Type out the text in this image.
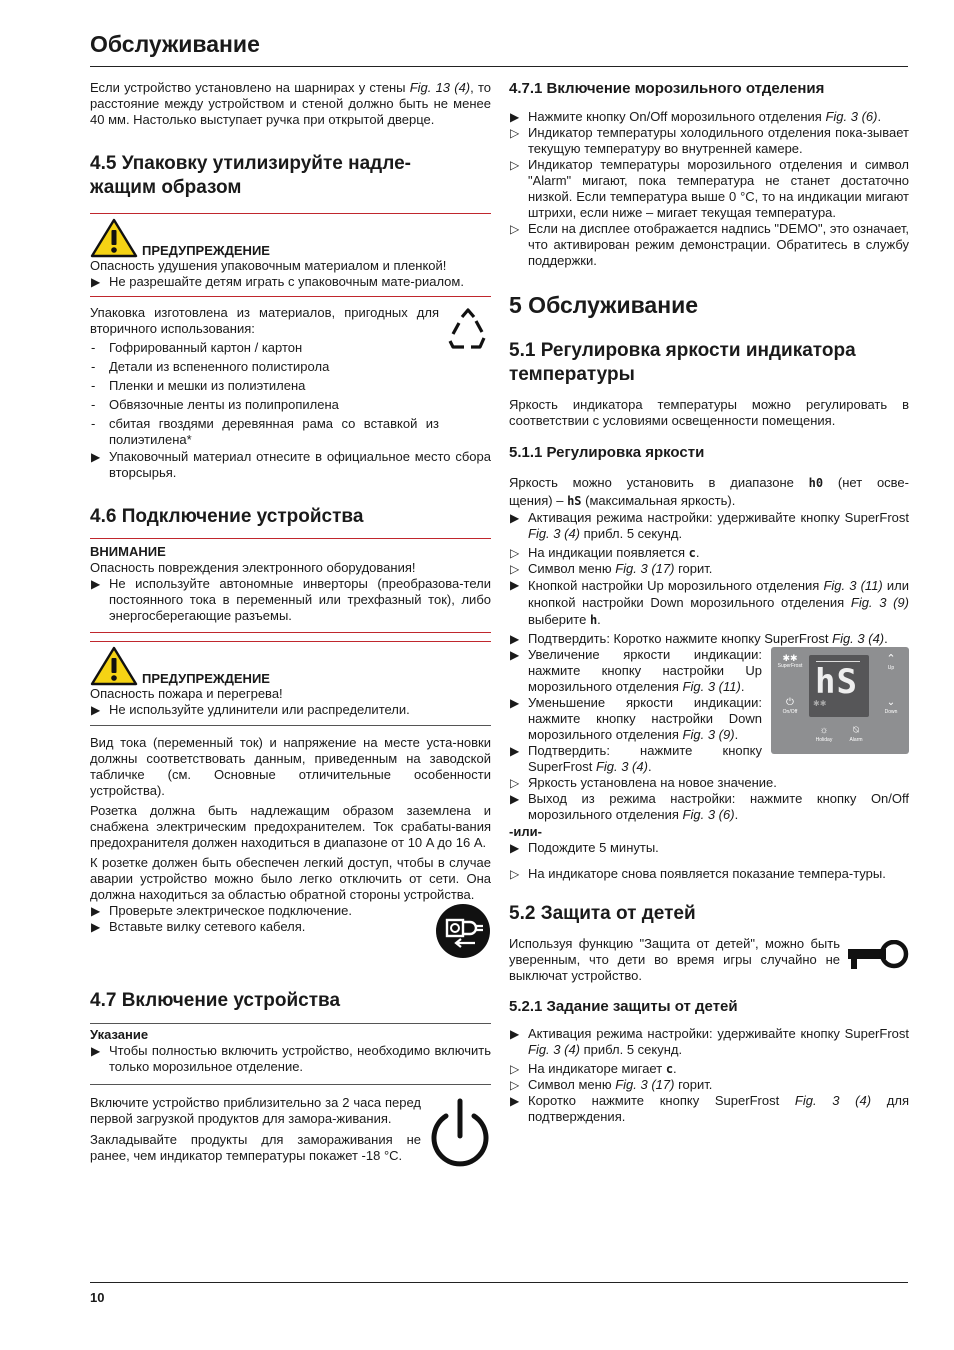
Обслуживание

Если устройство установлено на шарнирах у стены Fig. 13 (4), то расстояние между устройством и стеной должно быть не менее 40 мм. Настолько выступает ручка при открытой дверце.

4.5 Упаковку утилизируйте надле-
жащим образом
ПРЕДУПРЕЖДЕНИЕ

Опасность удушения упаковочным материалом и пленкой!

▶ Не разрешайте детям играть с упаковочным мате-риалом.

Упаковка изготовлена из материалов, пригодных для вторичного использования:

- Гофрированный картон / картон
- Детали из вспененного полистирола
- Пленки и мешки из полиэтилена
- Обвязочные ленты из полипропилена
- сбитая гвоздями деревянная рама со вставкой из полиэтилена*
▶ Упаковочный материал отнесите в официальное место сбора вторсырья.
4.6 Подключение устройства

ВНИМАНИЕ

Опасность повреждения электронного оборудования!

▶ Не используйте автономные инверторы (преобразова-тели постоянного тока в переменный или трехфазный ток), либо энергосберегающие разъемы.
ПРЕДУПРЕЖДЕНИЕ

Опасность пожара и перегрева!

▶ Не используйте удлинители или распределители.

Вид тока (переменный ток) и напряжение на месте уста-новки должны соответствовать данным, приведенным на заводской табличке (см. Основные отличительные особенности устройства).

Розетка должна быть надлежащим образом заземлена и снабжена электрическим предохранителем. Ток срабаты-вания предохранителя должен находиться в диапазоне от 10 A до 16 A.

К розетке должен быть обеспечен легкий доступ, чтобы в случае аварии устройство можно было легко отключить от сети. Она должна находиться за областью обратной стороны устройства.

▶ Проверьте электрическое подключение.
▶ Вставьте вилку сетевого кабеля.
4.7 Включение устройства

Указание

▶ Чтобы полностью включить устройство, необходимо включить только морозильное отделение.

Включите устройство приблизительно за 2 часа перед первой загрузкой продуктов для замора-живания.

Закладывайте продукты для замораживания не ранее, чем индикатор температуры покажет -18 °C.

4.7.1 Включение морозильного отделения
▶ Нажмите кнопку On/Off морозильного отделения Fig. 3 (6).
▷ Индикатор температуры холодильного отделения пока-зывает текущую температуру во внутренней камере.
▷ Индикатор температуры морозильного отделения и символ "Alarm" мигают, пока температура не станет достаточно низкой. Если температура выше 0 °C, то на индикации мигают штрихи, если ниже – мигает текущая температура.
▷ Если на дисплее отображается надпись "DEMO", это означает, что активирован режим демонстрации. Обратитесь в службу поддержки.
5 Обслуживание
5.1 Регулировка яркости индикатора
температуры

Яркость индикатора температуры можно регулировать в соответствии с условиями освещенности помещения.

5.1.1 Регулировка яркости

Яркость можно установить в диапазоне h0 (нет осве-

щения) – hS (максимальная яркость).

▶ Активация режима настройки: удерживайте кнопку SuperFrost Fig. 3 (4) прибл. 5 секунд.
▷ На индикации появляется c.
▷ Символ меню Fig. 3 (17) горит.
▶ Кнопкой настройки Up морозильного отделения Fig. 3 (11) или кнопкой настройки Down морозильного отделения Fig. 3 (9) выберите h.
▶ Подтвердить: Коротко нажмите кнопку SuperFrost Fig. 3 (4).
▶ Увеличение яркости индикации: нажмите кнопку настройки Up морозильного отделения Fig. 3 (11).
▶ Уменьшение яркости индикации: нажмите кнопку настройки Down морозильного отделения Fig. 3 (9).
▶ Подтвердить: нажмите кнопку SuperFrost Fig. 3 (4).
✱✱
SuperFrost
⏻
On/Off
hS
✱✱
⌃
Up
⌄
Down
☼
Holiday
⍉
Alarm
▷ Яркость установлена на новое значение.
▶ Выход из режима настройки: нажмите кнопку On/Off морозильного отделения Fig. 3 (6).

-или-

▶ Подождите 5 минуты.
▷ На индикаторе снова появляется показание темпера-туры.
5.2 Защита от детей

Используя функцию "Защита от детей", можно быть уверенным, что дети во время игры случайно не выключат устройство.

5.2.1 Задание защиты от детей
▶ Активация режима настройки: удерживайте кнопку SuperFrost Fig. 3 (4) прибл. 5 секунд.
▷ На индикаторе мигает c.
▷ Символ меню Fig. 3 (17) горит.
▶ Коротко нажмите кнопку SuperFrost Fig. 3 (4) для подтверждения.
10
